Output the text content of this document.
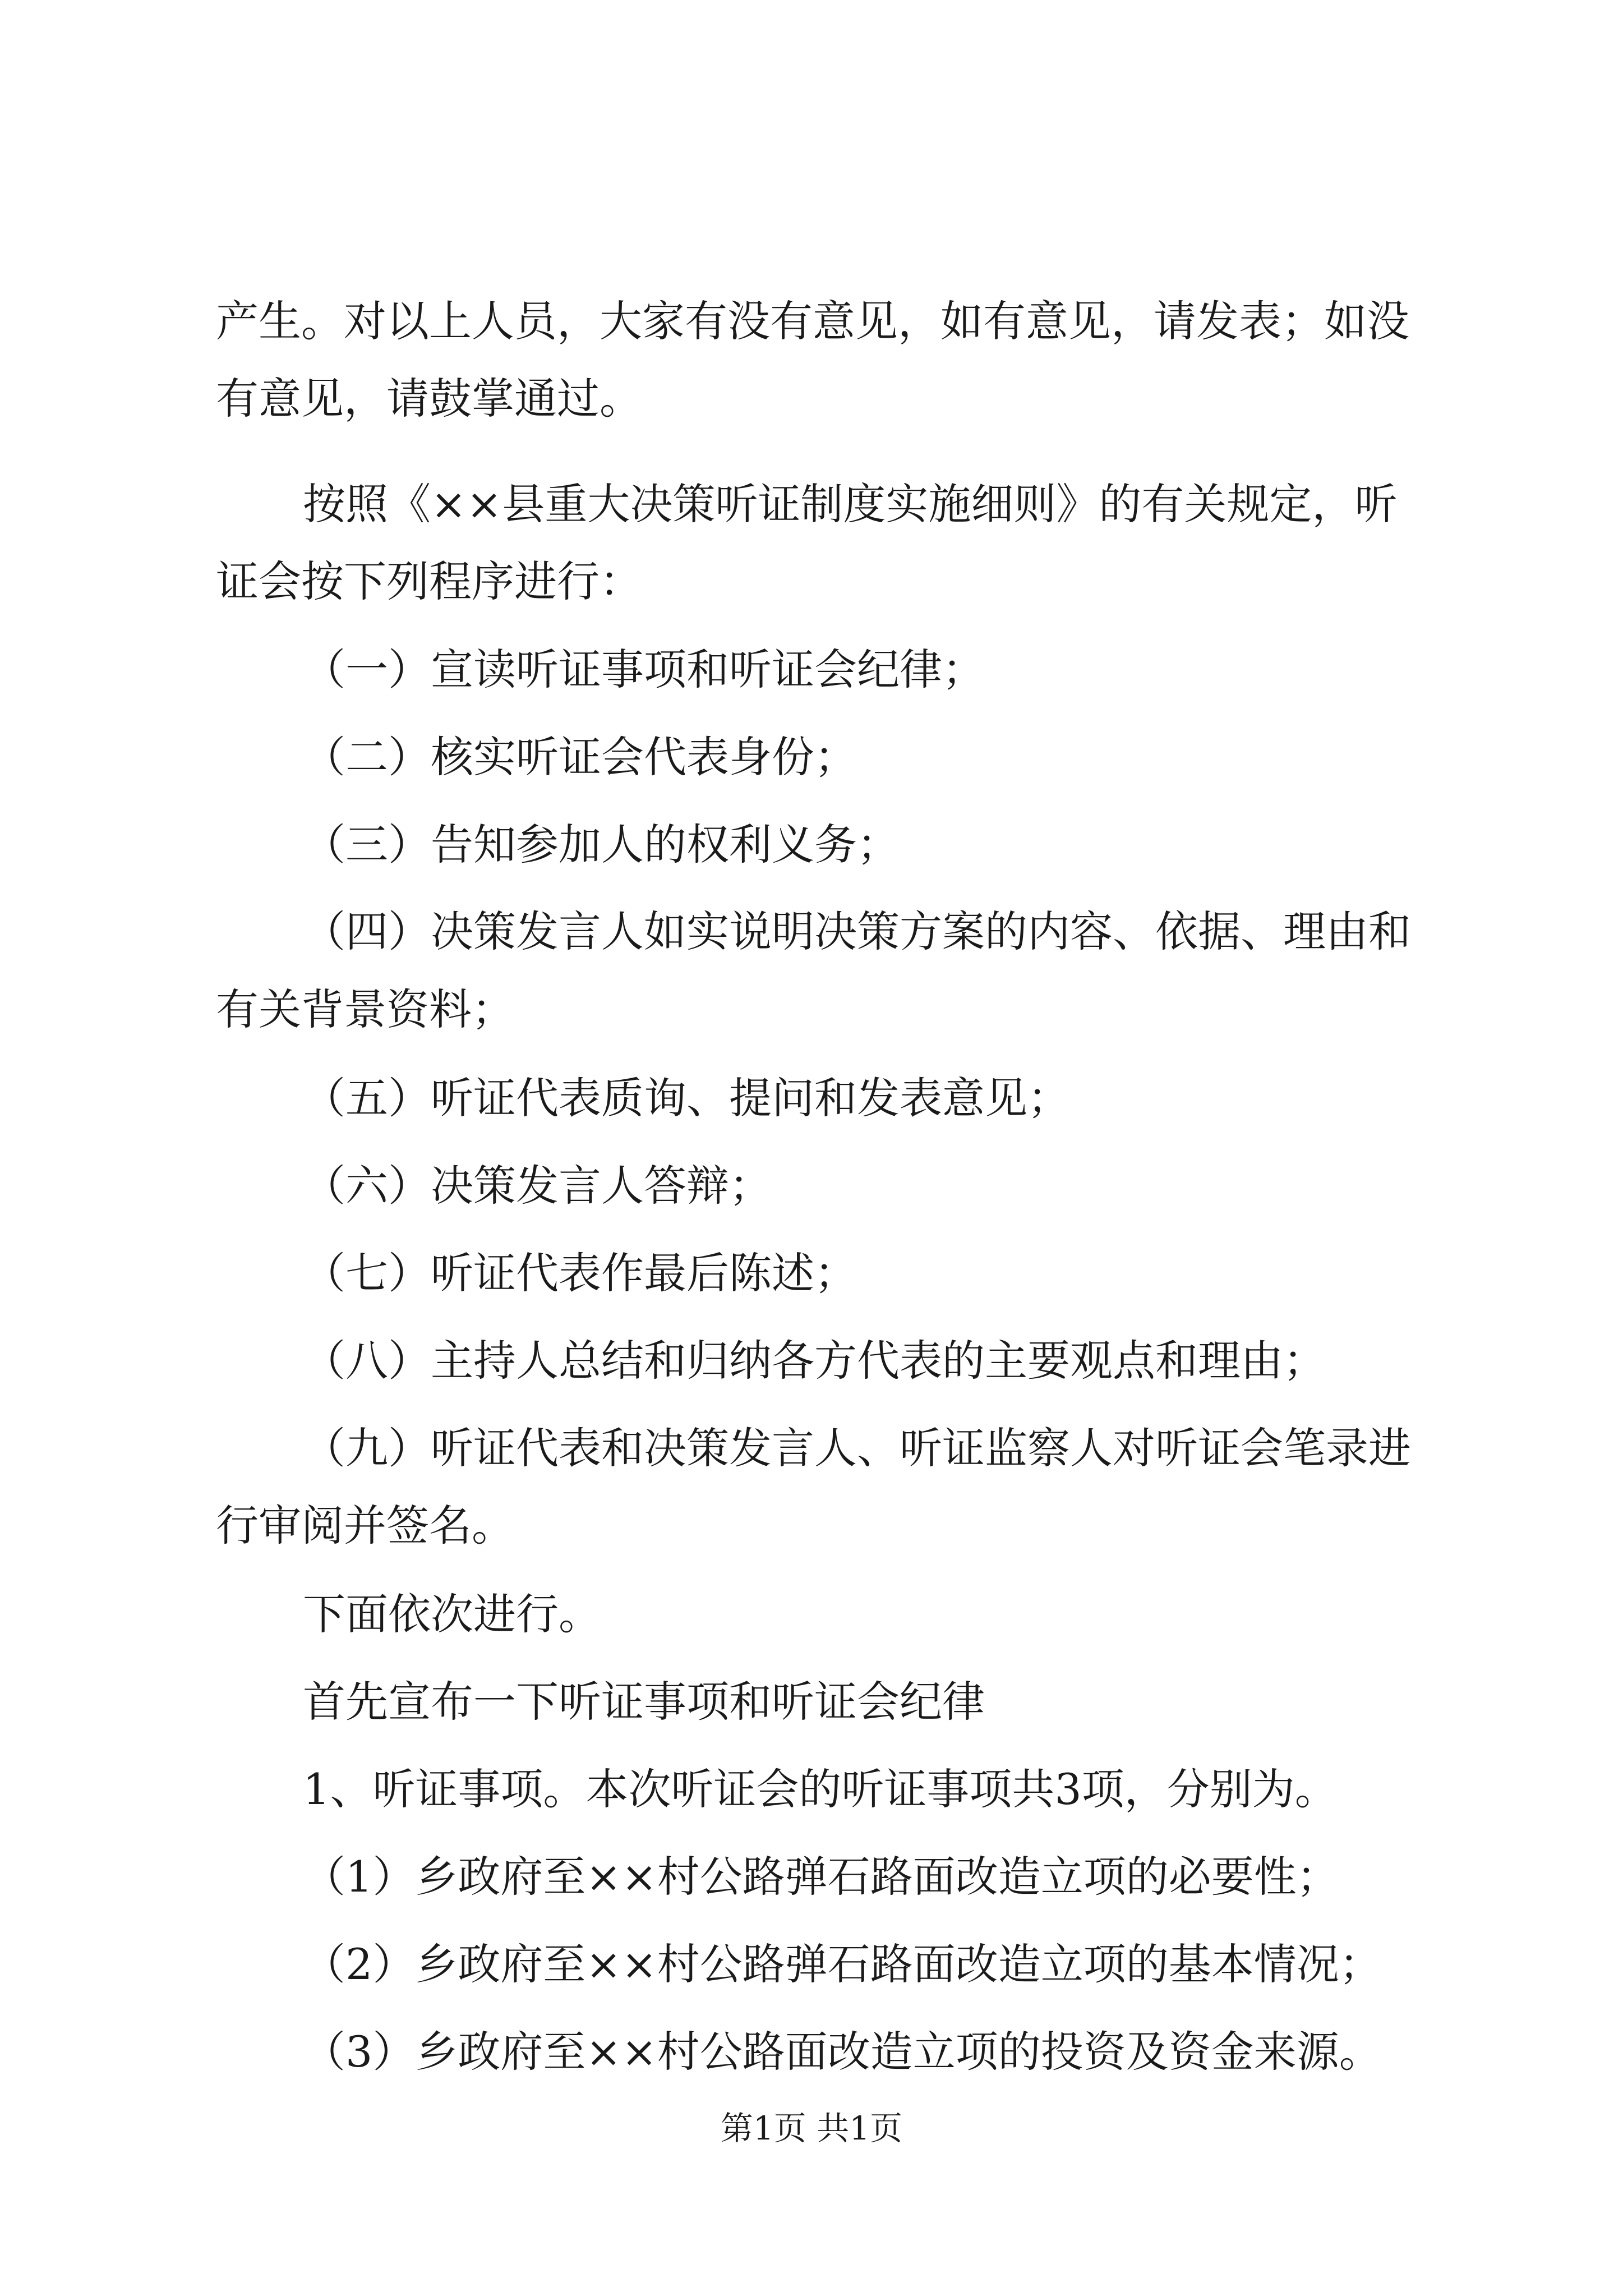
产生。对以上人员，大家有没有意见，如有意见，请发表；如没
有意见，请鼓掌通过。
按照《××县重大决策听证制度实施细则》的有关规定，听
证会按下列程序进行：
（一）宣读听证事项和听证会纪律；
（二）核实听证会代表身份；
（三）告知参加人的权利义务；
（四）决策发言人如实说明决策方案的内容、依据、理由和
有关背景资料；
（五）听证代表质询、提问和发表意见；
（六）决策发言人答辩；
（七）听证代表作最后陈述；
（八）主持人总结和归纳各方代表的主要观点和理由；
（九）听证代表和决策发言人、听证监察人对听证会笔录进
行审阅并签名。
下面依次进行。
首先宣布一下听证事项和听证会纪律
1、听证事项。本次听证会的听证事项共3项，分别为。
（1）乡政府至××村公路弹石路面改造立项的必要性；
（2）乡政府至××村公路弹石路面改造立项的基本情况；
（3）乡政府至××村公路面改造立项的投资及资金来源。
第1页 共1页
